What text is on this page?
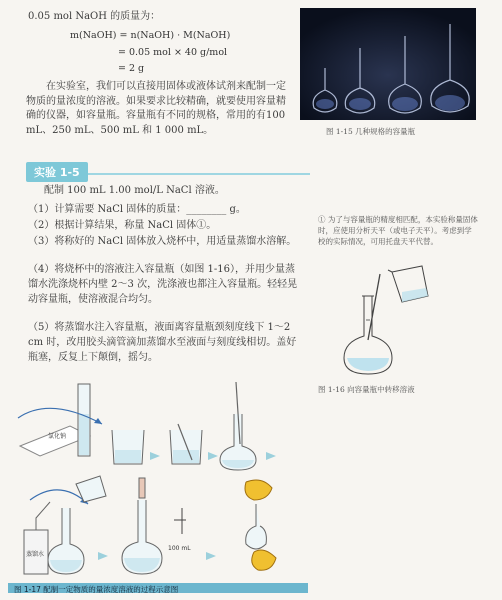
0.05 mol NaOH 的质量为：
m(NaOH) = n(NaOH) · M(NaOH)
= 0.05 mol × 40 g/mol
= 2 g
在实验室，我们可以直接用固体或液体试剂来配制一定物质的量浓度的溶液。如果要求比较精确，就要使用容量精确的仪器，如容量瓶。容量瓶有不同的规格，常用的有100 mL、250 mL、500 mL 和 1 000 mL。	图 1-15 几种规格的容量瓶
实验 1-5
配制 100 mL 1.00 mol/L NaCl 溶液。
（1）计算需要 NaCl 固体的质量：________ g。
（2）根据计算结果，称量 NaCl 固体①。
（3）将称好的 NaCl 固体放入烧杯中，用适量蒸馏水溶解。
（4）将烧杯中的溶液注入容量瓶（如图 1-16），并用少量蒸馏水洗涤烧杯内壁 2～3 次，洗涤液也都注入容量瓶。轻轻晃动容量瓶，使溶液混合均匀。
（5）将蒸馏水注入容量瓶，液面离容量瓶颈刻度线下 1～2 cm 时，改用胶头滴管滴加蒸馏水至液面与刻度线相切。盖好瓶塞，反复上下颠倒，摇匀。
① 为了与容量瓶的精度相匹配，本实验称量固体时，应使用分析天平（或电子天平）。考虑到学校的实际情况，可用托盘天平代替。
图 1-16 向容量瓶中转移溶液
氯化钠
蒸馏水
100 mL
图 1-17 配制一定物质的量浓度溶液的过程示意图
